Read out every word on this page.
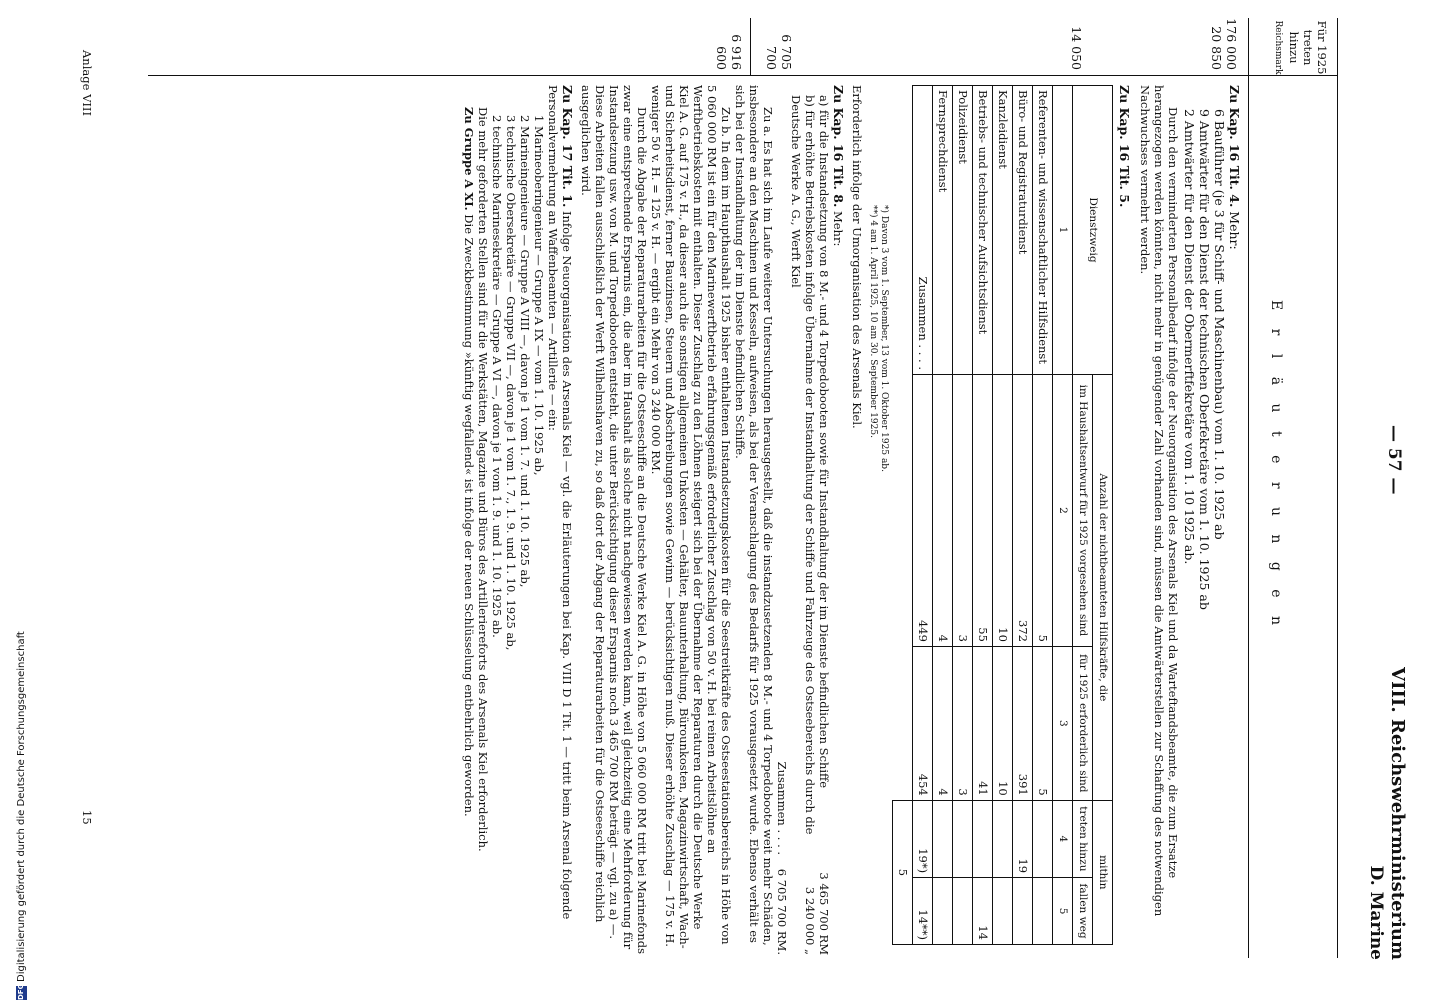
— 57 —
VIII. Reichswehrministerium
D. Marine
E r l ä u t e r u n g e n
Für 1925
treten hinzu
Reichsmark
176 000
20 850
14 050
6 705 700
6 916 600
Zu Kap. 16 Tit. 4. Mehr:
6 Bauführer (je 3 für Schiff- und Maschinenbau) vom 1. 10. 1925 ab
9 Amtwärter für den Dienst der technischen Oberfekretäre vom 1. 10. 1925 ab
2 Amtwärter für den Dienst der Obermerftfekretäre vom 1. 10 1925 ab.
Durch den verminderten Personalbedarf infolge der Neuorganisation des Arsenals Kiel und da Warteftandsbeamte, die zum Ersatze herangezogen werden könnten, nicht mehr in genügender Zahl vorhanden sind, müssen die Amtwärterstellen zur Schaffung des notwendigen Nachwuchses vermehrt werden.
Zu Kap. 16 Tit. 5.
Dienstzweig	Anzahl der nichtbeamteten Hilfskräfte, die		mithin	
	im Haushaltsentwurf für 1925 vorgesehen sind	für 1925 erforderlich sind	treten hinzu	fallen weg
1	2	3	4	5
Referenten- und wissenschaftlicher Hilfsdienst	5	5		
Büro- und Registraturdienst	372	391	19	
Kanzleidienst	10	10		
Betriebs- und technischer Aufsichtsdienst	55	41		14
Polizeidienst	3	3		
Fernsprechdienst	4	4		
Zusammen . . . .	449	454	19*)	14**)
			5	
*) Davon 3 vom 1. September, 13 vom 1. Oktober 1925 ab.
**) 4 am 1. April 1925, 10 am 30. September 1925.
Erforderlich infolge der Umorganisation des Arsenals Kiel.
Zu Kap. 16 Tit. 8. Mehr:
a) für die Instandsetzung von 8 M.- und 4 Torpedobooten sowie für Instandhaltung der im Dienste befindlichen Schiffe
3 465 700 RM
b) für erhöhte Betriebskosten infolge Übernahme der Instandhaltung der Schiffe und Fahrzeuge des Ostseebereichs durch die Deutsche Werke A. G., Werft Kiel
3 240 000 „
Zusammen . . . . 6 705 700 RM.
Zu a. Es hat sich im Laufe weiterer Untersuchungen herausgestellt, daß die instandzusetzenden 8 M.- und 4 Torpedoboote weit mehr Schäden, insbesondere an den Maschinen und Kesseln, aufweisen, als bei der Veranschlagung des Bedarfs für 1925 vorausgesetzt wurde. Ebenso verhält es sich bei der Instandhaltung der im Dienste befindlichen Schiffe.
Zu b. In dem im Haupthaushalt 1925 bisher enthaltenen Instandsetzungskosten für die Seestreitkräfte des Ostseestationsbereichs in Höhe von 5 060 000 RM ist ein für den Marinewerftbetrieb erfahrungsgemäß erforderlicher Zuschlag von 50 v. H. bei reinen Arbeitslöhne an Werftbetriebskosten mit enthalten. Dieser Zuschlag zu den Löhnen steigert sich bei der Übernahme der Reparaturen durch die Deutsche Werke Kiel A. G. auf 175 v. H., da dieser auch die sonstigen allgemeinen Unkosten — Gehälter, Bauunterhaltung, Bürounkosten, Magazinwirtschaft, Wach- und Sicherheitsdienst, ferner Bauzinsen, Steuern und Abschreibungen sowie Gewinn — berücksichtigen muß. Dieser erhöhte Zuschlag — 175 v. H. weniger 50 v. H. = 125 v. H. — ergibt ein Mehr von 3 240 000 RM.
Durch die Abgabe der Reparaturarbeiten für die Ostseeschiffe an die Deutsche Werke Kiel A. G. in Höhe von 5 060 000 RM tritt bei Marinefonds zwar eine entsprechende Ersparnis ein, die aber im Haushalt als solche nicht nachgewiesen werden kann, weil gleichzeitig eine Mehrforderung für Instandsetzung usw. von M. und Torpedobooten entsteht, die unter Berücksichtigung dieser Ersparnis noch 3 465 700 RM beträgt — vgl. zu a) —. Diese Arbeiten fallen ausschließlich der Werft Wilhelmshaven zu, so daß dort der Abgang der Reparaturarbeiten für die Ostseeschiffe reichlich ausgeglichen wird.
Zu Kap. 17 Tit. 1. Infolge Neuorganisation des Arsenals Kiel — vgl. die Erläuterungen bei Kap. VIII D 1 Tit. 1 — tritt beim Arsenal folgende Personalvermehrung an Waffenbeamten — Artillerie — ein:
1 Marineoberingenieur — Gruppe A IX — vom 1. 10. 1925 ab,
2 Marineingenieure — Gruppe A VIII —, davon je 1 vom 1. 7. und 1. 10. 1925 ab,
3 technische Obersekretäre — Gruppe VII —, davon je 1 vom 1. 7., 1. 9. und 1. 10. 1925 ab,
2 technische Marinesekretäre — Gruppe A VI —, davon je 1 vom 1. 9. und 1. 10. 1925 ab.
Die mehr geforderten Stellen sind für die Werkstätten, Magazine und Büros des Artilleriereforts des Arsenals Kiel erforderlich.
Zu Gruppe A XI. Die Zweckbestimmung »künftig wegfallend« ist infolge der neuen Schlüsselung entbehrlich geworden.
Anlage VIII
15
DFG
Digitalisierung gefördert durch die Deutsche Forschungsgemeinschaft
